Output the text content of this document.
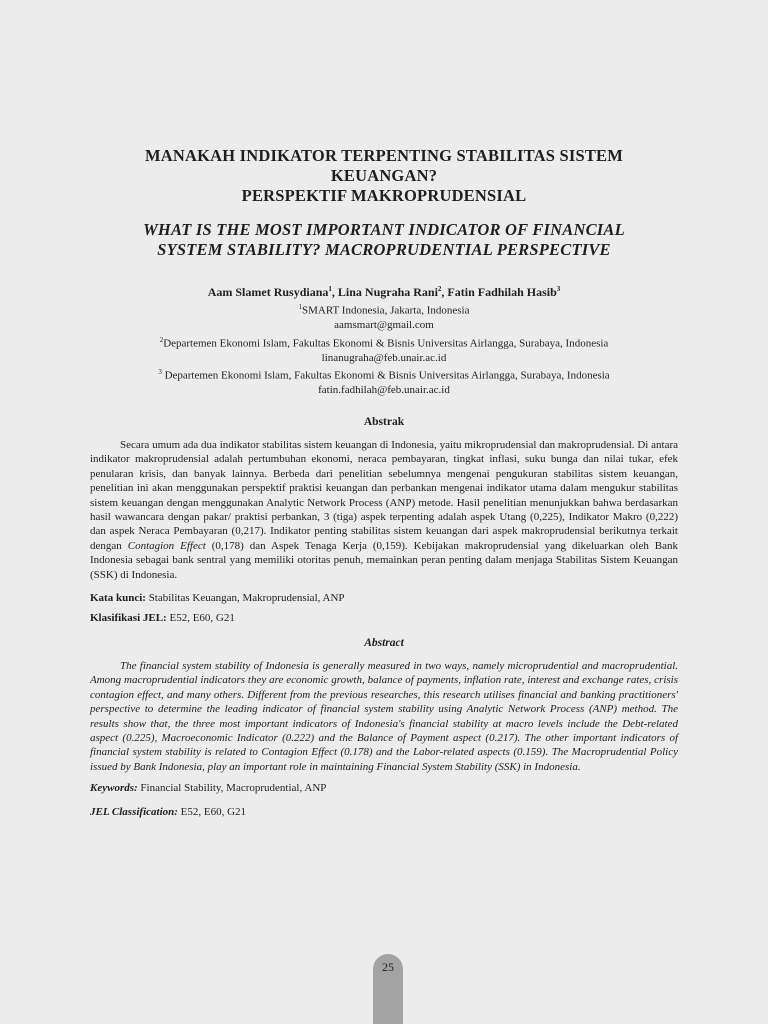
MANAKAH INDIKATOR TERPENTING STABILITAS SISTEM
KEUANGAN?
PERSPEKTIF MAKROPRUDENSIAL
WHAT IS THE MOST IMPORTANT INDICATOR OF FINANCIAL
SYSTEM STABILITY? MACROPRUDENTIAL PERSPECTIVE
Aam Slamet Rusydiana$^1$, Lina Nugraha Rani$^2$, Fatin Fadhilah Hasib$^3$
$^1$SMART Indonesia, Jakarta, Indonesia
aamsmart@gmail.com
$^2$Departemen Ekonomi Islam, Fakultas Ekonomi & Bisnis Universitas Airlangga, Surabaya, Indonesia
linanugraha@feb.unair.ac.id
$^3$ Departemen Ekonomi Islam, Fakultas Ekonomi & Bisnis Universitas Airlangga, Surabaya, Indonesia
fatin.fadhilah@feb.unair.ac.id
Abstrak

Secara umum ada dua indikator stabilitas sistem keuangan di Indonesia, yaitu mikroprudensial dan makroprudensial. Di antara indikator makroprudensial adalah pertumbuhan ekonomi, neraca pembayaran, tingkat inflasi, suku bunga dan nilai tukar, efek penularan krisis, dan banyak lainnya. Berbeda dari penelitian sebelumnya mengenai pengukuran stabilitas sistem keuangan, penelitian ini akan menggunakan perspektif praktisi keuangan dan perbankan mengenai indikator utama dalam mengukur stabilitas sistem keuangan dengan menggunakan Analytic Network Process (ANP) metode. Hasil penelitian menunjukkan bahwa berdasarkan hasil wawancara dengan pakar/ praktisi perbankan, 3 (tiga) aspek terpenting adalah aspek Utang (0,225), Indikator Makro (0,222) dan aspek Neraca Pembayaran (0,217). Indikator penting stabilitas sistem keuangan dari aspek makroprudensial berikutnya terkait dengan Contagion Effect (0,178) dan Aspek Tenaga Kerja (0,159). Kebijakan makroprudensial yang dikeluarkan oleh Bank Indonesia sebagai bank sentral yang memiliki otoritas penuh, memainkan peran penting dalam menjaga Stabilitas Sistem Keuangan (SSK) di Indonesia.

Kata kunci: Stabilitas Keuangan, Makroprudensial, ANP

Klasifikasi JEL: E52, E60, G21

Abstract

The financial system stability of Indonesia is generally measured in two ways, namely microprudential and macroprudential. Among macroprudential indicators they are economic growth, balance of payments, inflation rate, interest and exchange rates, crisis contagion effect, and many others. Different from the previous researches, this research utilises financial and banking practitioners' perspective to determine the leading indicator of financial system stability using Analytic Network Process (ANP) method. The results show that, the three most important indicators of Indonesia's financial stability at macro levels include the Debt-related aspect (0.225), Macroeconomic Indicator (0.222) and the Balance of Payment aspect (0.217). The other important indicators of financial system stability is related to Contagion Effect (0.178) and the Labor-related aspects (0.159). The Macroprudential Policy issued by Bank Indonesia, play an important role in maintaining Financial System Stability (SSK) in Indonesia.

Keywords: Financial Stability, Macroprudential, ANP

JEL Classification: E52, E60, G21

25
